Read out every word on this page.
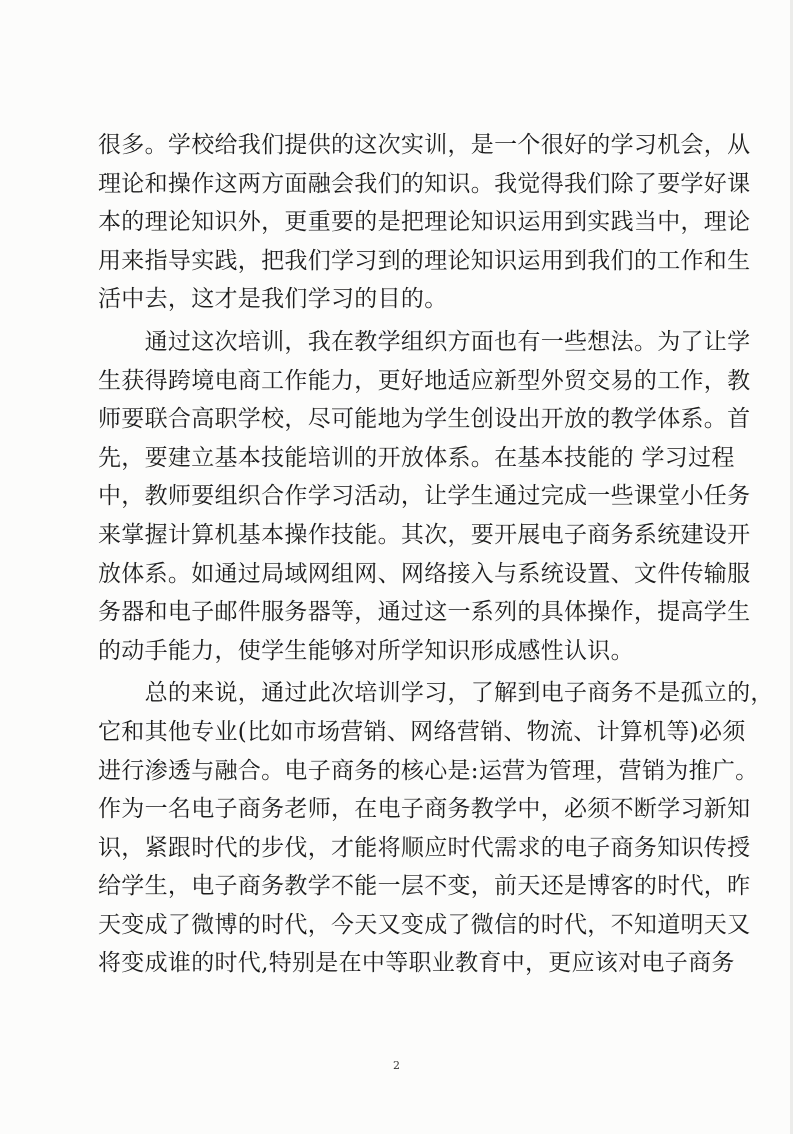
很多。学校给我们提供的这次实训，是一个很好的学习机会，从
理论和操作这两方面融会我们的知识。我觉得我们除了要学好课
本的理论知识外，更重要的是把理论知识运用到实践当中，理论
用来指导实践，把我们学习到的理论知识运用到我们的工作和生
活中去，这才是我们学习的目的。
　　通过这次培训，我在教学组织方面也有一些想法。为了让学
生获得跨境电商工作能力，更好地适应新型外贸交易的工作，教
师要联合高职学校，尽可能地为学生创设出开放的教学体系。首
先，要建立基本技能培训的开放体系。在基本技能的 学习过程
中，教师要组织合作学习活动，让学生通过完成一些课堂小任务
来掌握计算机基本操作技能。其次，要开展电子商务系统建设开
放体系。如通过局域网组网、网络接入与系统设置、文件传输服
务器和电子邮件服务器等，通过这一系列的具体操作，提高学生
的动手能力，使学生能够对所学知识形成感性认识。
　　总的来说，通过此次培训学习，了解到电子商务不是孤立的，
它和其他专业(比如市场营销、网络营销、物流、计算机等)必须
进行渗透与融合。电子商务的核心是:运营为管理，营销为推广。
作为一名电子商务老师，在电子商务教学中，必须不断学习新知
识，紧跟时代的步伐，才能将顺应时代需求的电子商务知识传授
给学生，电子商务教学不能一层不变，前天还是博客的时代，昨
天变成了微博的时代，今天又变成了微信的时代，不知道明天又
将变成谁的时代,特别是在中等职业教育中，更应该对电子商务
2
